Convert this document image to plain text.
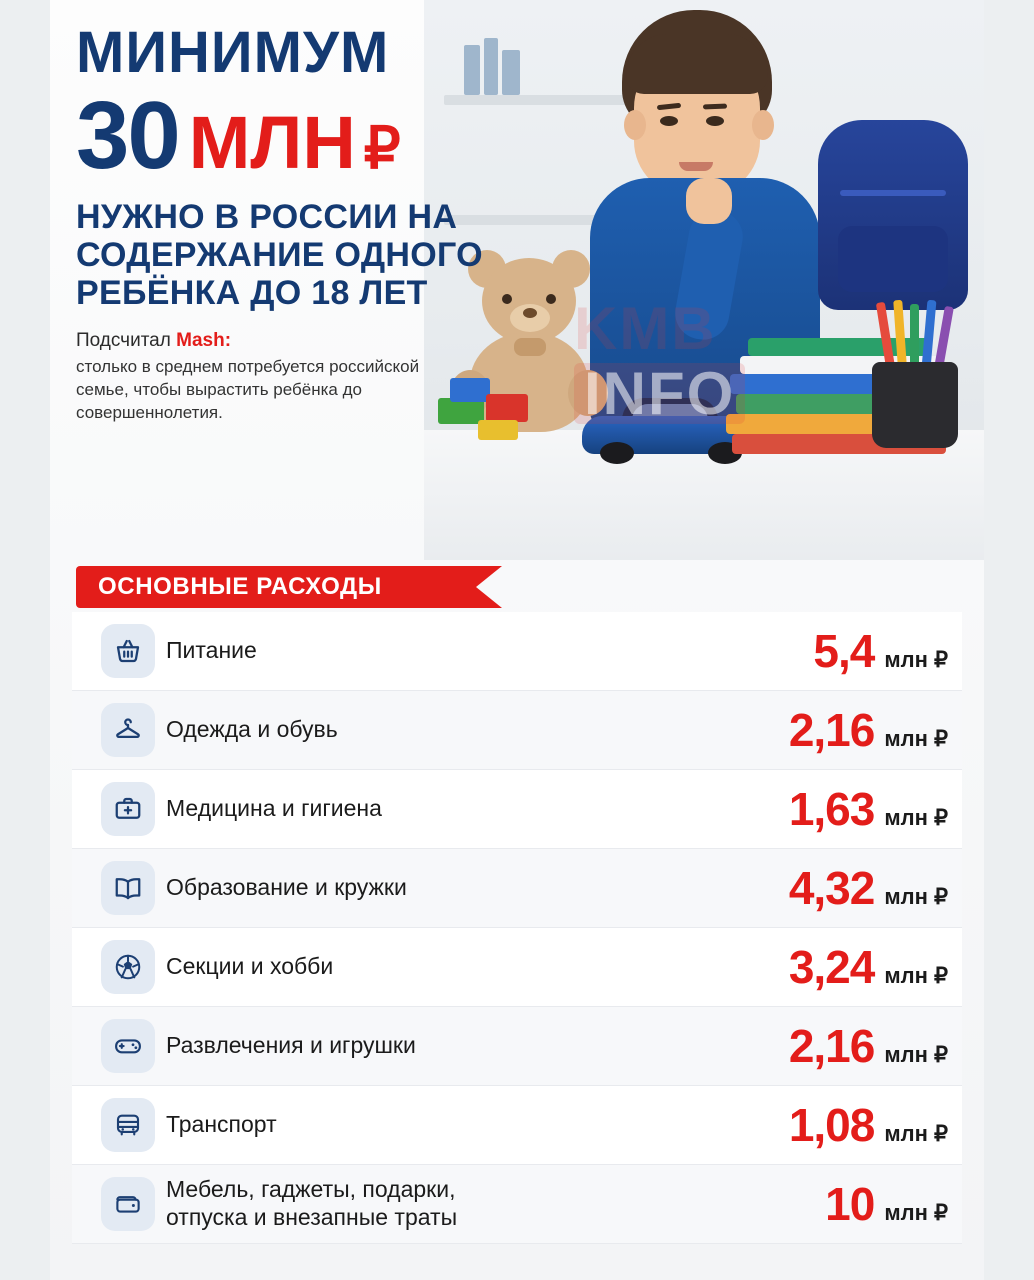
KMB
INFO
МИНИМУМ
30 МЛН ₽
НУЖНО В РОССИИ НА СОДЕРЖАНИЕ ОДНОГО РЕБЁНКА ДО 18 ЛЕТ
Подсчитал Mash:
столько в среднем потребуется российской семье, чтобы вырастить ребёнка до совершеннолетия.
ОСНОВНЫЕ РАСХОДЫ
Питание	5,4 млн ₽
Одежда и обувь	2,16 млн ₽
Медицина и гигиена	1,63 млн ₽
Образование и кружки	4,32 млн ₽
Секции и хобби	3,24 млн ₽
Развлечения и игрушки	2,16 млн ₽
Транспорт	1,08 млн ₽
Мебель, гаджеты, подарки,
отпуска и внезапные траты	10 млн ₽
